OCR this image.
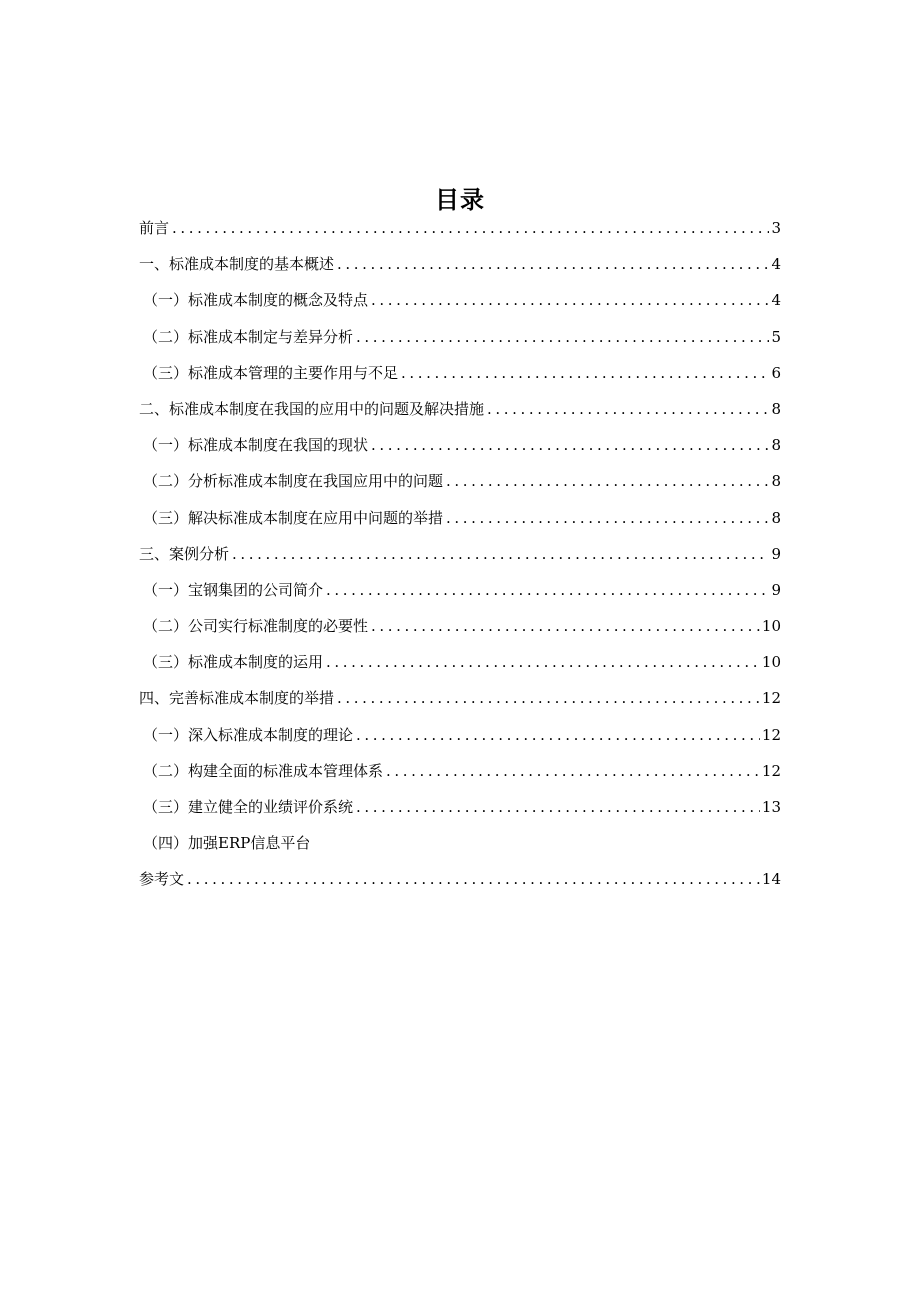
目录
前言 .....	3
一、标准成本制度的基本概述 .....	4
（一）标准成本制度的概念及特点 .....	4
（二）标准成本制定与差异分析 .....	5
（三）标准成本管理的主要作用与不足 .....	6
二、标准成本制度在我国的应用中的问题及解决措施 .....	8
（一）标准成本制度在我国的现状 .....	8
（二）分析标准成本制度在我国应用中的问题 .....	8
（三）解决标准成本制度在应用中问题的举措 .....	8
三、案例分析 .....	9
（一）宝钢集团的公司简介 .....	9
（二）公司实行标准制度的必要性 .....	10
（三）标准成本制度的运用 .....	10
四、完善标准成本制度的举措 .....	12
（一）深入标准成本制度的理论 .....	12
（二）构建全面的标准成本管理体系 .....	12
（三）建立健全的业绩评价系统 .....	13
（四）加强ERP信息平台
参考文 .....	14
